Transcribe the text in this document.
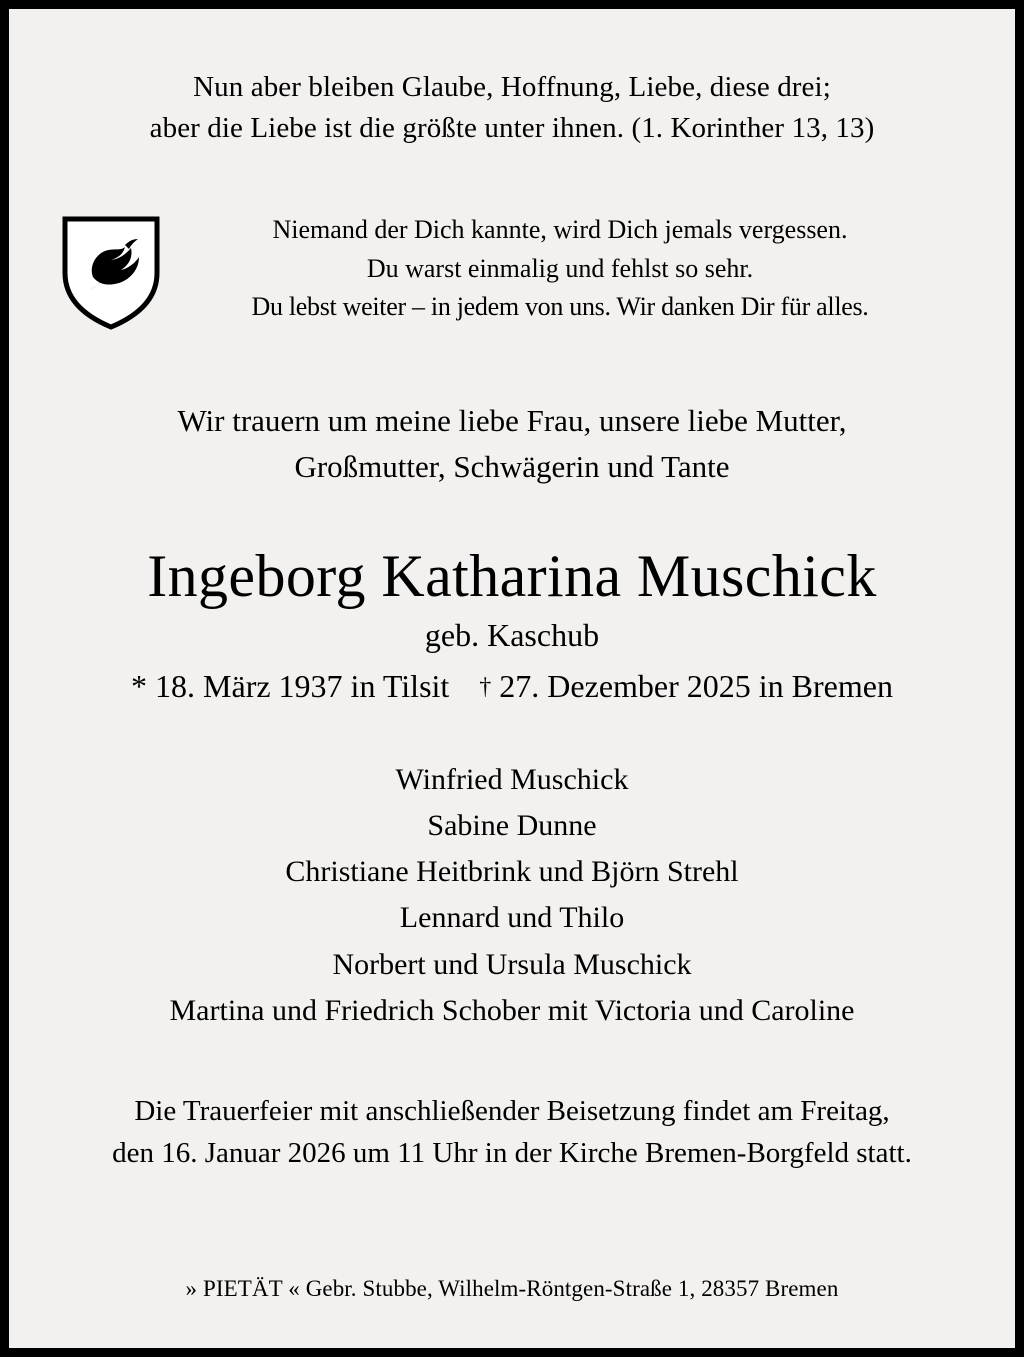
Nun aber bleiben Glaube, Hoffnung, Liebe, diese drei;
aber die Liebe ist die größte unter ihnen. (1. Korinther 13, 13)
Niemand der Dich kannte, wird Dich jemals vergessen.
Du warst einmalig und fehlst so sehr.
Du lebst weiter – in jedem von uns. Wir danken Dir für alles.
Wir trauern um meine liebe Frau, unsere liebe Mutter,
Großmutter, Schwägerin und Tante
Ingeborg Katharina Muschick
geb. Kaschub
* 18. März 1937 in Tilsit † 27. Dezember 2025 in Bremen
Winfried Muschick
Sabine Dunne
Christiane Heitbrink und Björn Strehl
Lennard und Thilo
Norbert und Ursula Muschick
Martina und Friedrich Schober mit Victoria und Caroline
Die Trauerfeier mit anschließender Beisetzung findet am Freitag,
den 16. Januar 2026 um 11 Uhr in der Kirche Bremen-Borgfeld statt.
» PIETÄT « Gebr. Stubbe, Wilhelm-Röntgen-Straße 1, 28357 Bremen
